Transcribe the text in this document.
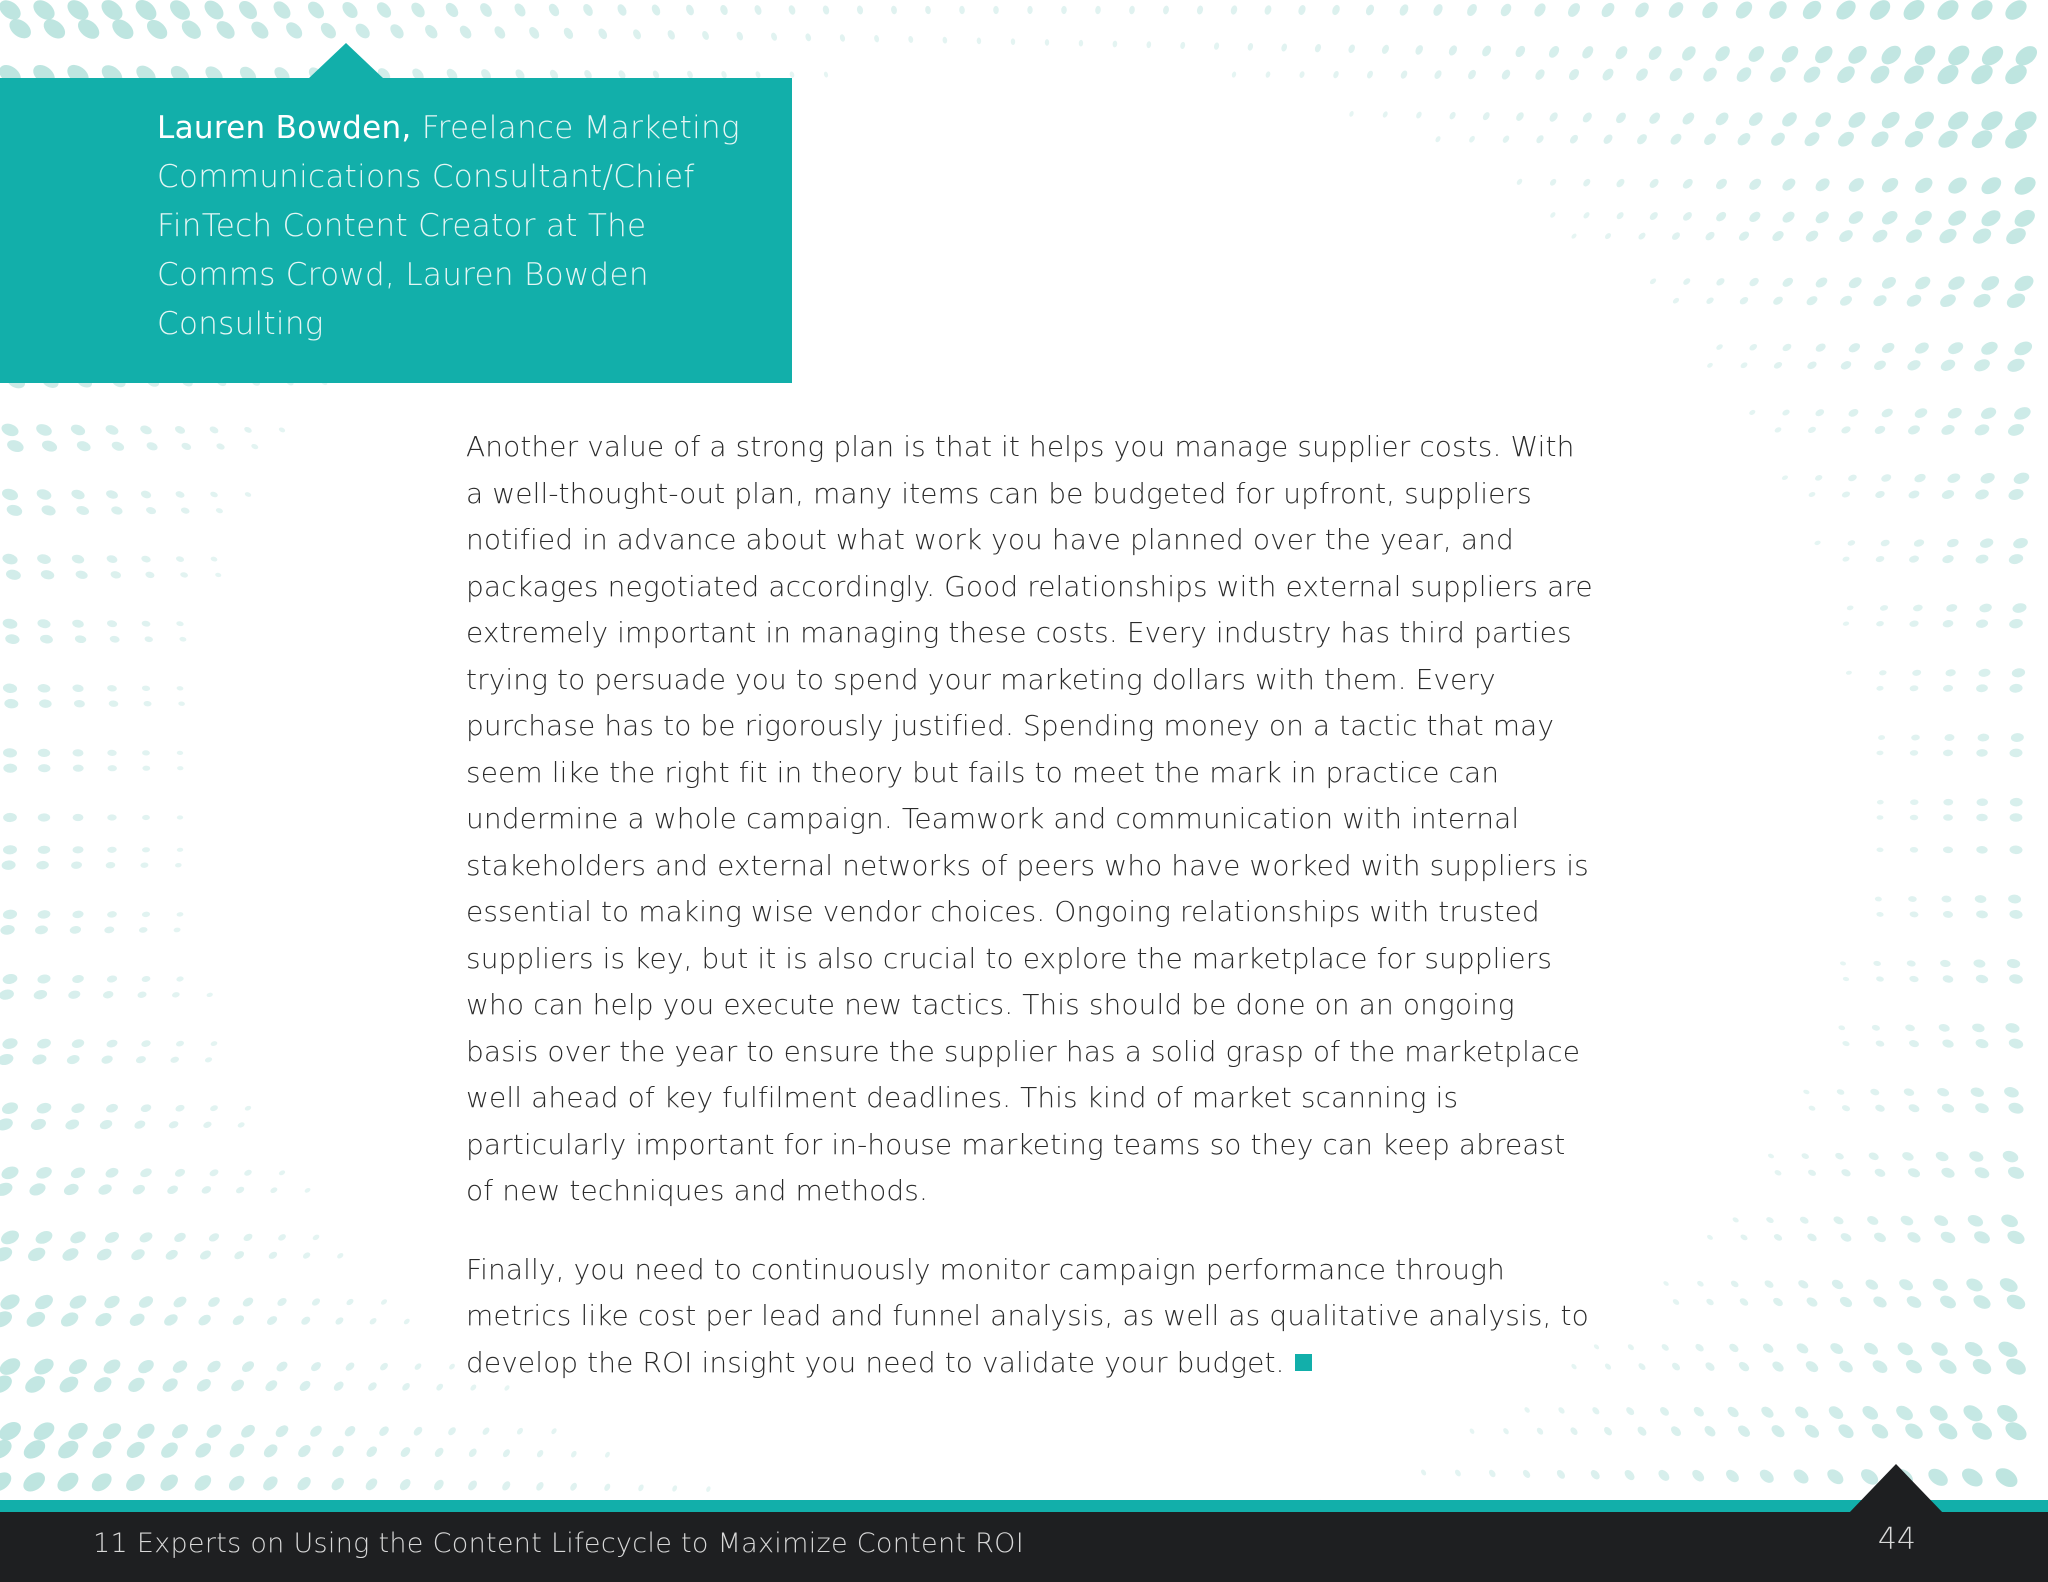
Lauren Bowden, Freelance Marketing Communications Consultant/Chief FinTech Content Creator at The Comms Crowd, Lauren Bowden Consulting

Another value of a strong plan is that it helps you manage supplier costs. With a well-thought-out plan, many items can be budgeted for upfront, suppliers notified in advance about what work you have planned over the year, and packages negotiated accordingly. Good relationships with external suppliers are extremely important in managing these costs. Every industry has third parties trying to persuade you to spend your marketing dollars with them. Every purchase has to be rigorously justified. Spending money on a tactic that may seem like the right fit in theory but fails to meet the mark in practice can undermine a whole campaign. Teamwork and communication with internal stakeholders and external networks of peers who have worked with suppliers is essential to making wise vendor choices. Ongoing relationships with trusted suppliers is key, but it is also crucial to explore the marketplace for suppliers who can help you execute new tactics. This should be done on an ongoing basis over the year to ensure the supplier has a solid grasp of the marketplace well ahead of key fulfilment deadlines. This kind of market scanning is particularly important for in-house marketing teams so they can keep abreast of new techniques and methods.

Finally, you need to continuously monitor campaign performance through metrics like cost per lead and funnel analysis, as well as qualitative analysis, to develop the ROI insight you need to validate your budget.

11 Experts on Using the Content Lifecycle to Maximize Content ROI	44
